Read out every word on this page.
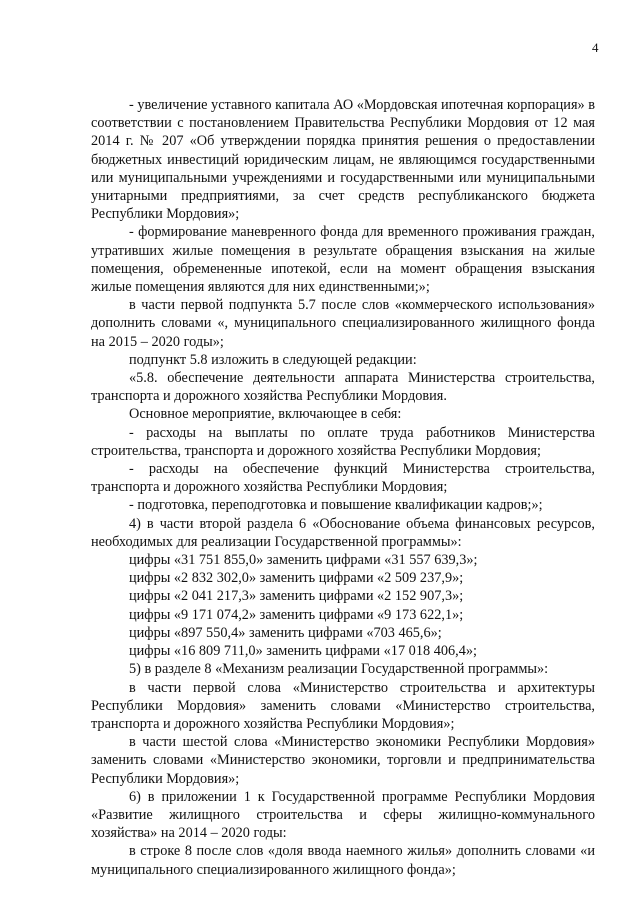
4

- увеличение уставного капитала АО «Мордовская ипотечная корпорация» в соответствии с постановлением Правительства Республики Мордовия от 12 мая 2014 г. № 207 «Об утверждении порядка принятия решения о предоставлении бюджетных инвестиций юридическим лицам, не являющимся государственными или муниципальными учреждениями и государственными или муниципальными унитарными предприятиями, за счет средств республиканского бюджета Республики Мордовия»;

- формирование маневренного фонда для временного проживания граждан, утративших жилые помещения в результате обращения взыскания на жилые помещения, обремененные ипотекой, если на момент обращения взыскания жилые помещения являются для них единственными;»;

в части первой подпункта 5.7 после слов «коммерческого использования» дополнить словами «, муниципального специализированного жилищного фонда на 2015 – 2020 годы»;

подпункт 5.8 изложить в следующей редакции:

«5.8. обеспечение деятельности аппарата Министерства строительства, транспорта и дорожного хозяйства Республики Мордовия.

Основное мероприятие, включающее в себя:

- расходы на выплаты по оплате труда работников Министерства строительства, транспорта и дорожного хозяйства Республики Мордовия;

- расходы на обеспечение функций Министерства строительства, транспорта и дорожного хозяйства Республики Мордовия;

- подготовка, переподготовка и повышение квалификации кадров;»;

4) в части второй раздела 6 «Обоснование объема финансовых ресурсов, необходимых для реализации Государственной программы»:

цифры «31 751 855,0» заменить цифрами «31 557 639,3»;

цифры «2 832 302,0» заменить цифрами «2 509 237,9»;

цифры «2 041 217,3» заменить цифрами «2 152 907,3»;

цифры «9 171 074,2» заменить цифрами «9 173 622,1»;

цифры «897 550,4» заменить цифрами «703 465,6»;

цифры «16 809 711,0» заменить цифрами «17 018 406,4»;

5) в разделе 8 «Механизм реализации Государственной программы»:

в части первой слова «Министерство строительства и архитектуры Республики Мордовия» заменить словами «Министерство строительства, транспорта и дорожного хозяйства Республики Мордовия»;

в части шестой слова «Министерство экономики Республики Мордовия» заменить словами «Министерство экономики, торговли и предпринимательства Республики Мордовия»;

6) в приложении 1 к Государственной программе Республики Мордовия «Развитие жилищного строительства и сферы жилищно-коммунального хозяйства» на 2014 – 2020 годы:

в строке 8 после слов «доля ввода наемного жилья» дополнить словами «и муниципального специализированного жилищного фонда»;
